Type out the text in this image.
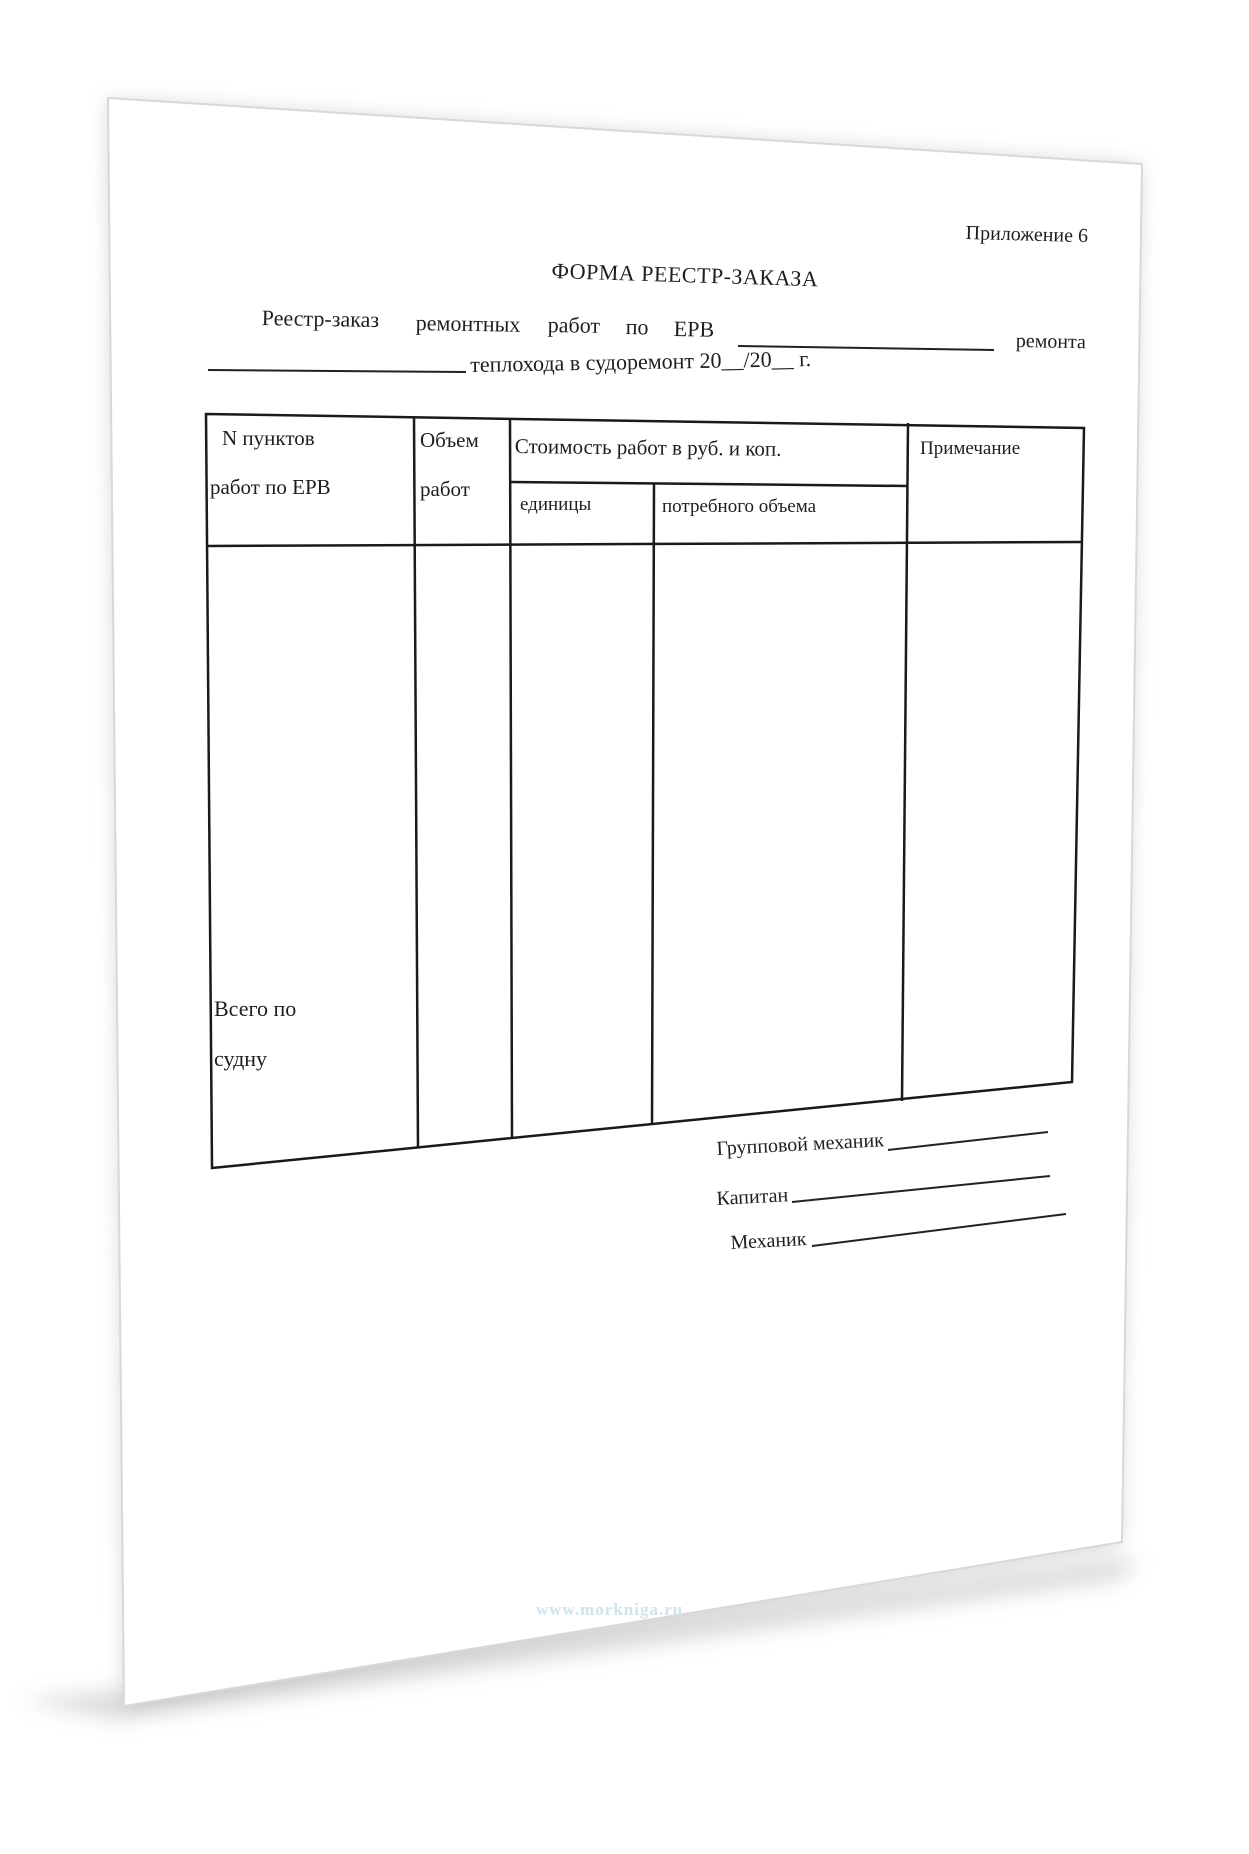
Приложение 6
ФОРМА РЕЕСТР-ЗАКАЗА
Реестр-заказ ремонтных работ по ЕРВ	ремонта
теплохода в судоремонт 20__/20__ г.
N пунктов
работ по ЕРВ
Объем
работ
Стоимость работ в руб. и коп.
единицы	потребного объема
Примечание
Всего по
судну
Групповой механик
Капитан
Механик
www.morkniga.ru
